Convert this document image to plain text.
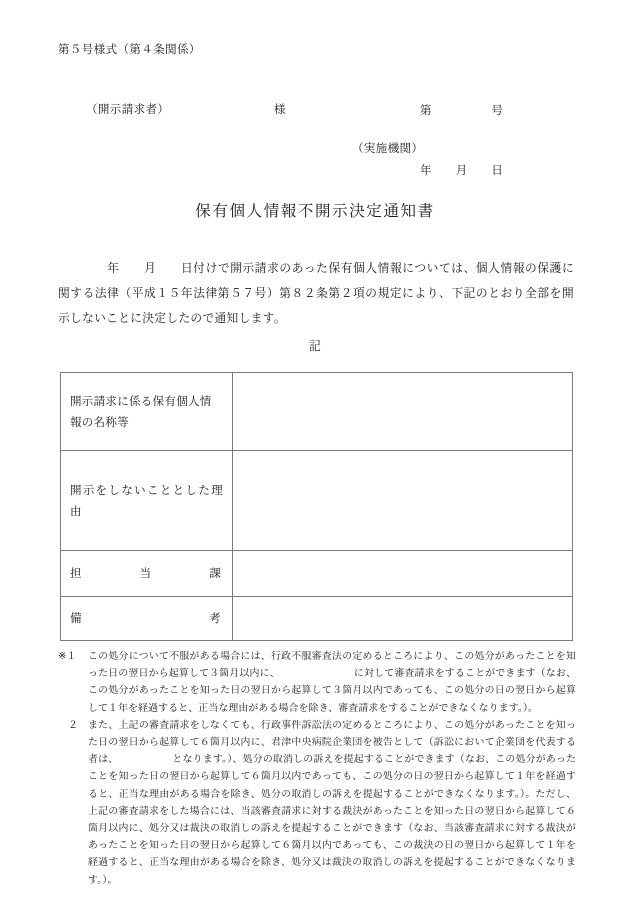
第５号様式（第４条関係）

第　　　　　号

年　　月　　日

（開示請求者）	様
（実施機関）
保有個人情報不開示決定通知書
　　　　年　　月　　日付けで開示請求のあった保有個人情報については、個人情報の保護に関する法律（平成１５年法律第５７号）第８２条第２項の規定により、下記のとおり全部を開示しないことに決定したので通知します。
記
開示請求に係る保有個人情報の名称等	

開示をしないこととした理由	

担 当 課	

備 考	

※１	この処分について不服がある場合には、行政不服審査法の定めるところにより、この処分があったことを知った日の翌日から起算して３箇月以内に、	に対して審査請求をすることができます（なお、この処分があったことを知った日の翌日から起算して３箇月以内であっても、この処分の日の翌日から起算して１年を経過すると、正当な理由がある場合を除き、審査請求をすることができなくなります。）。
　２	また、上記の審査請求をしなくても、行政事件訴訟法の定めるところにより、この処分があったことを知った日の翌日から起算して６箇月以内に、君津中央病院企業団を被告として（訴訟において企業団を代表する者は、	となります。）、処分の取消しの訴えを提起することができます（なお、この処分があったことを知った日の翌日から起算して６箇月以内であっても、この処分の日の翌日から起算して１年を経過すると、正当な理由がある場合を除き、処分の取消しの訴えを提起することができなくなります。）。ただし、上記の審査請求をした場合には、当該審査請求に対する裁決があったことを知った日の翌日から起算して６箇月以内に、処分又は裁決の取消しの訴えを提起することができます（なお、当該審査請求に対する裁決があったことを知った日の翌日から起算して６箇月以内であっても、この裁決の日の翌日から起算して１年を経過すると、正当な理由がある場合を除き、処分又は裁決の取消しの訴えを提起することができなくなります。）。
